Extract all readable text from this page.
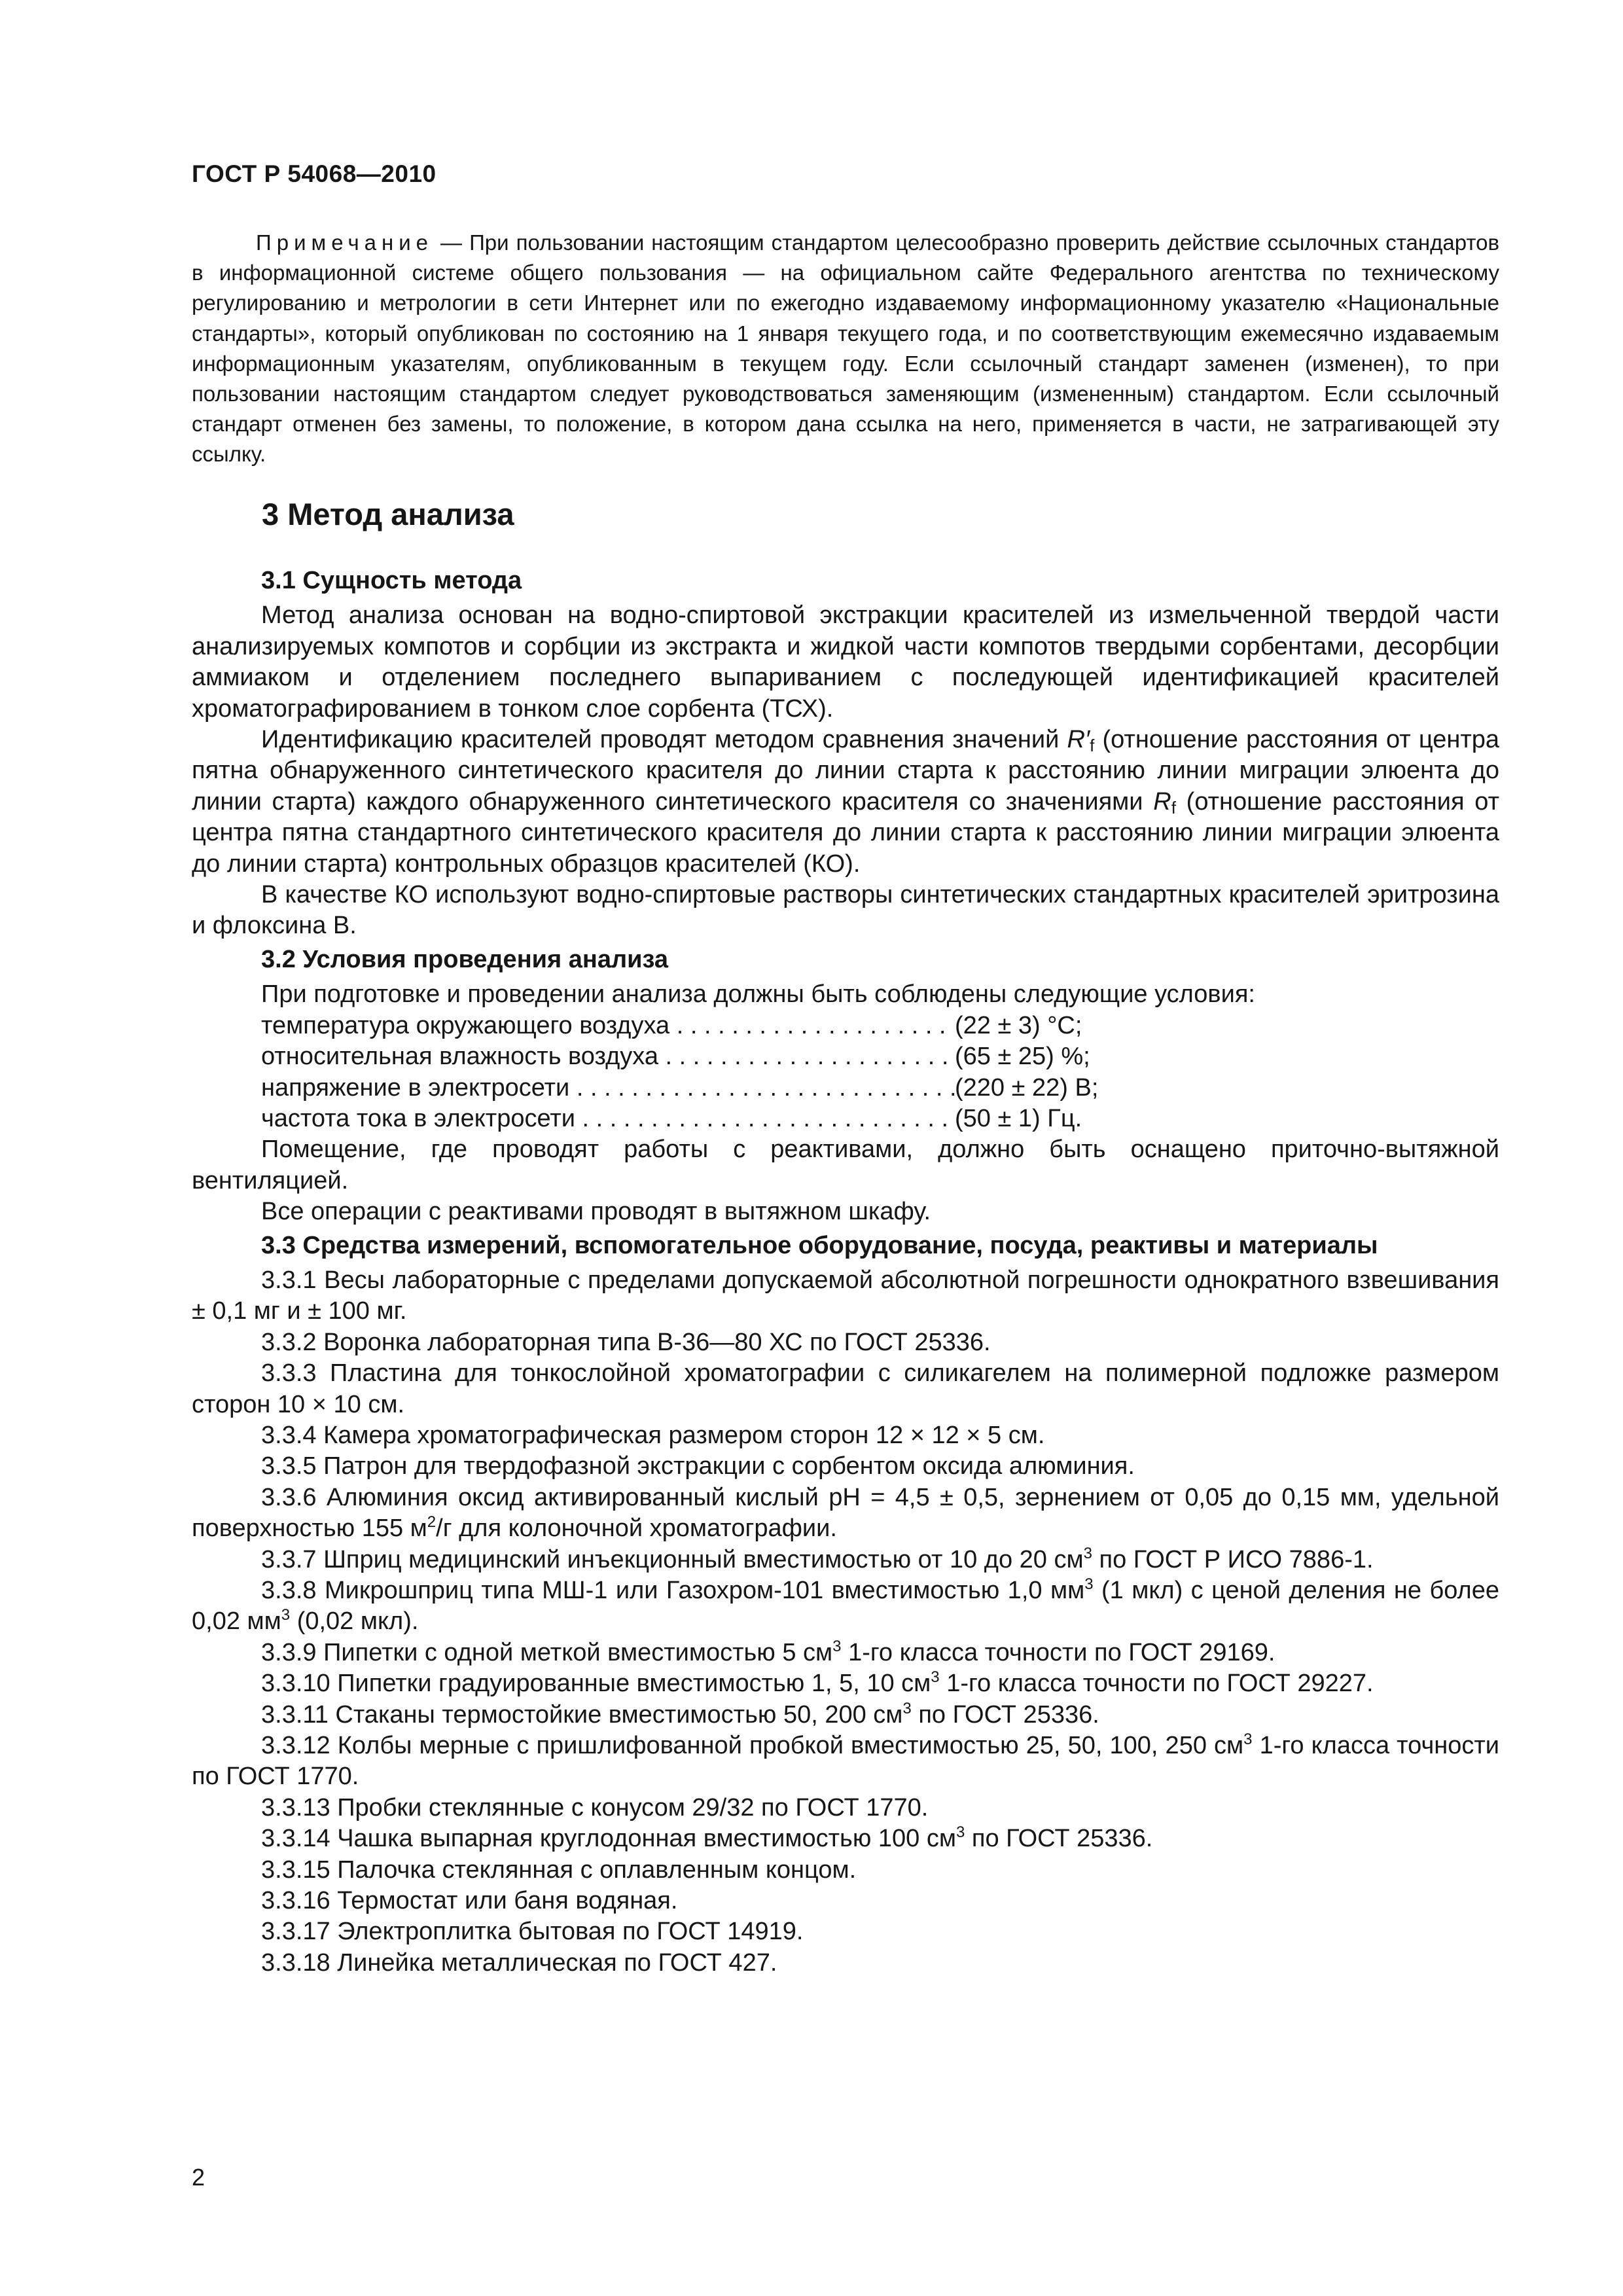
ГОСТ Р 54068—2010
Примечание — При пользовании настоящим стандартом целесообразно проверить действие ссылочных стандартов в информационной системе общего пользования — на официальном сайте Федерального агентства по техническому регулированию и метрологии в сети Интернет или по ежегодно издаваемому информационному указателю «Национальные стандарты», который опубликован по состоянию на 1 января текущего года, и по соответствующим ежемесячно издаваемым информационным указателям, опубликованным в текущем году. Если ссылочный стандарт заменен (изменен), то при пользовании настоящим стандартом следует руководствоваться заменяющим (измененным) стандартом. Если ссылочный стандарт отменен без замены, то положение, в котором дана ссылка на него, применяется в части, не затрагивающей эту ссылку.
3 Метод анализа

3.1 Сущность метода

Метод анализа основан на водно-спиртовой экстракции красителей из измельченной твердой части анализируемых компотов и сорбции из экстракта и жидкой части компотов твердыми сорбентами, десорбции аммиаком и отделением последнего выпариванием с последующей идентификацией красителей хроматографированием в тонком слое сорбента (ТСХ).

Идентификацию красителей проводят методом сравнения значений $R'_f$ (отношение расстояния от центра пятна обнаруженного синтетического красителя до линии старта к расстоянию линии миграции элюента до линии старта) каждого обнаруженного синтетического красителя со значениями $R_f$ (отношение расстояния от центра пятна стандартного синтетического красителя до линии старта к расстоянию линии миграции элюента до линии старта) контрольных образцов красителей (КО).

В качестве КО используют водно-спиртовые растворы синтетических стандартных красителей эритрозина и флоксина В.

3.2 Условия проведения анализа

При подготовке и проведении анализа должны быть соблюдены следующие условия:

температура окружающего воздуха . . .	(22 ± 3) °С;
относительная влажность воздуха . . .	(65 ± 25) %;
напряжение в электросети . . .	(220 ± 22) В;
частота тока в электросети . . .	(50 ± 1) Гц.

Помещение, где проводят работы с реактивами, должно быть оснащено приточно-вытяжной вентиляцией.

Все операции с реактивами проводят в вытяжном шкафу.

3.3 Средства измерений, вспомогательное оборудование, посуда, реактивы и материалы

3.3.1 Весы лабораторные с пределами допускаемой абсолютной погрешности однократного взвешивания ± 0,1 мг и ± 100 мг.

3.3.2 Воронка лабораторная типа В-36—80 ХС по ГОСТ 25336.

3.3.3 Пластина для тонкослойной хроматографии с силикагелем на полимерной подложке размером сторон 10 × 10 см.

3.3.4 Камера хроматографическая размером сторон 12 × 12 × 5 см.

3.3.5 Патрон для твердофазной экстракции с сорбентом оксида алюминия.

3.3.6 Алюминия оксид активированный кислый рН = 4,5 ± 0,5, зернением от 0,05 до 0,15 мм, удельной поверхностью 155 $м^2/г$ для колоночной хроматографии.

3.3.7 Шприц медицинский инъекционный вместимостью от 10 до 20 $см^3$ по ГОСТ Р ИСО 7886-1.

3.3.8 Микрошприц типа МШ-1 или Газохром-101 вместимостью 1,0 $мм^3$ (1 мкл) с ценой деления не более 0,02 $мм^3$ (0,02 мкл).

3.3.9 Пипетки с одной меткой вместимостью 5 $см^3$ 1-го класса точности по ГОСТ 29169.

3.3.10 Пипетки градуированные вместимостью 1, 5, 10 $см^3$ 1-го класса точности по ГОСТ 29227.

3.3.11 Стаканы термостойкие вместимостью 50, 200 $см^3$ по ГОСТ 25336.

3.3.12 Колбы мерные с пришлифованной пробкой вместимостью 25, 50, 100, 250 $см^3$ 1-го класса точности по ГОСТ 1770.

3.3.13 Пробки стеклянные с конусом 29/32 по ГОСТ 1770.

3.3.14 Чашка выпарная круглодонная вместимостью 100 $см^3$ по ГОСТ 25336.

3.3.15 Палочка стеклянная с оплавленным концом.

3.3.16 Термостат или баня водяная.

3.3.17 Электроплитка бытовая по ГОСТ 14919.

3.3.18 Линейка металлическая по ГОСТ 427.

2
